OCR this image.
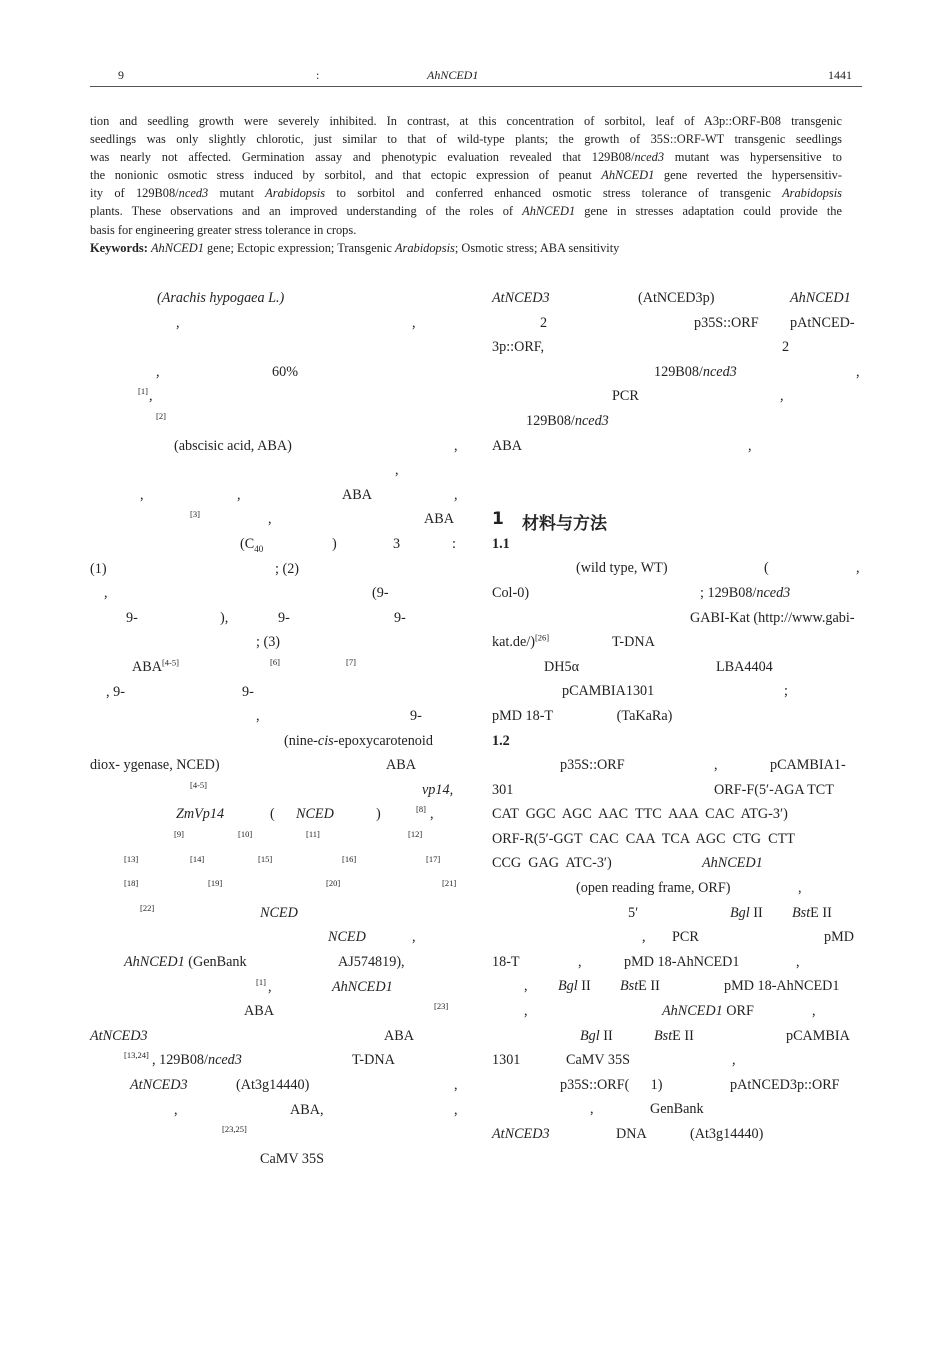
9	:	AhNCED1	1441

tion and seedling growth were severely inhibited. In contrast, at this concentration of sorbitol, leaf of A3p::ORF-B08 transgenic
seedlings was only slightly chlorotic, just similar to that of wild-type plants; the growth of 35S::ORF-WT transgenic seedlings
was nearly not affected. Germination assay and phenotypic evaluation revealed that 129B08/nced3 mutant was hypersensitive to
the nonionic osmotic stress induced by sorbitol, and that ectopic expression of peanut AhNCED1 gene reverted the hypersensitiv-
ity of 129B08/nced3 mutant Arabidopsis to sorbitol and conferred enhanced osmotic stress tolerance of transgenic Arabidopsis
plants. These observations and an improved understanding of the roles of AhNCED1 gene in stresses adaptation could provide the
basis for engineering greater stress tolerance in crops.

Keywords: AhNCED1 gene; Ectopic expression; Transgenic Arabidopsis; Osmotic stress; ABA sensitivity

(Arachis hypogaea L.)
,	,
,	60%
[1] ,
[2]
(abscisic acid, ABA)	,
,
,	,	ABA	,
[3]	,	ABA
($C_{40}$	)	3	:
(1)	; (2)
,	(9-
9-	),	9-	9-
; (3)
ABA[4-5]	[6]	[7]
, 9-	9-
,	9-
(nine-cis-epoxycarotenoid
diox- ygenase, NCED)	ABA
[4-5]	vp14,
ZmVp14	( NCED	)	[8] ,
[9]	[10]	[11]	[12]
[13]	[14]	[15]	[16]	[17]
[18]	[19]	[20]	[21]
[22]	NCED
NCED	,
AhNCED1 (GenBank	AJ574819),
[1] ,	AhNCED1
ABA	[23]
AtNCED3	ABA
[13,24] , 129B08/nced3	T-DNA
AtNCED3	(At3g14440)	,
,	ABA,	,
[23,25]
CaMV 35S
AtNCED3	(AtNCED3p)	AhNCED1
2	p35S::ORF pAtNCED-
3p::ORF,	2
129B08/nced3	,
PCR	,
129B08/nced3
ABA	,
1 材料与方法
1.1
(wild type, WT)	(	,
Col-0)	; 129B08/nced3
GABI-Kat (http://www.gabi-
kat.de/)[26]	T-DNA
DH5α	LBA4404
pCAMBIA1301	;
pMD 18-T                  (TaKaRa)
1.2
p35S::ORF	,	pCAMBIA1-
301	ORF-F(5′-AGA TCT
CAT  GGC  AGC  AAC  TTC  AAA  CAC  ATG-3′)
ORF-R(5′-GGT  CAC  CAA  TCA  AGC  CTG  CTT
CCG  GAG  ATC-3′)	AhNCED1
(open reading frame, ORF)	,
5′	Bgl II BstE II
, PCR	pMD
18-T	,	pMD 18-AhNCED1	,
, Bgl II BstE II	pMD 18-AhNCED1
,	AhNCED1 ORF	,
Bgl II	BstE II	pCAMBIA
1301	CaMV 35S	,
p35S::ORF(      1)	pAtNCED3p::ORF
,	GenBank
AtNCED3	DNA	(At3g14440)
